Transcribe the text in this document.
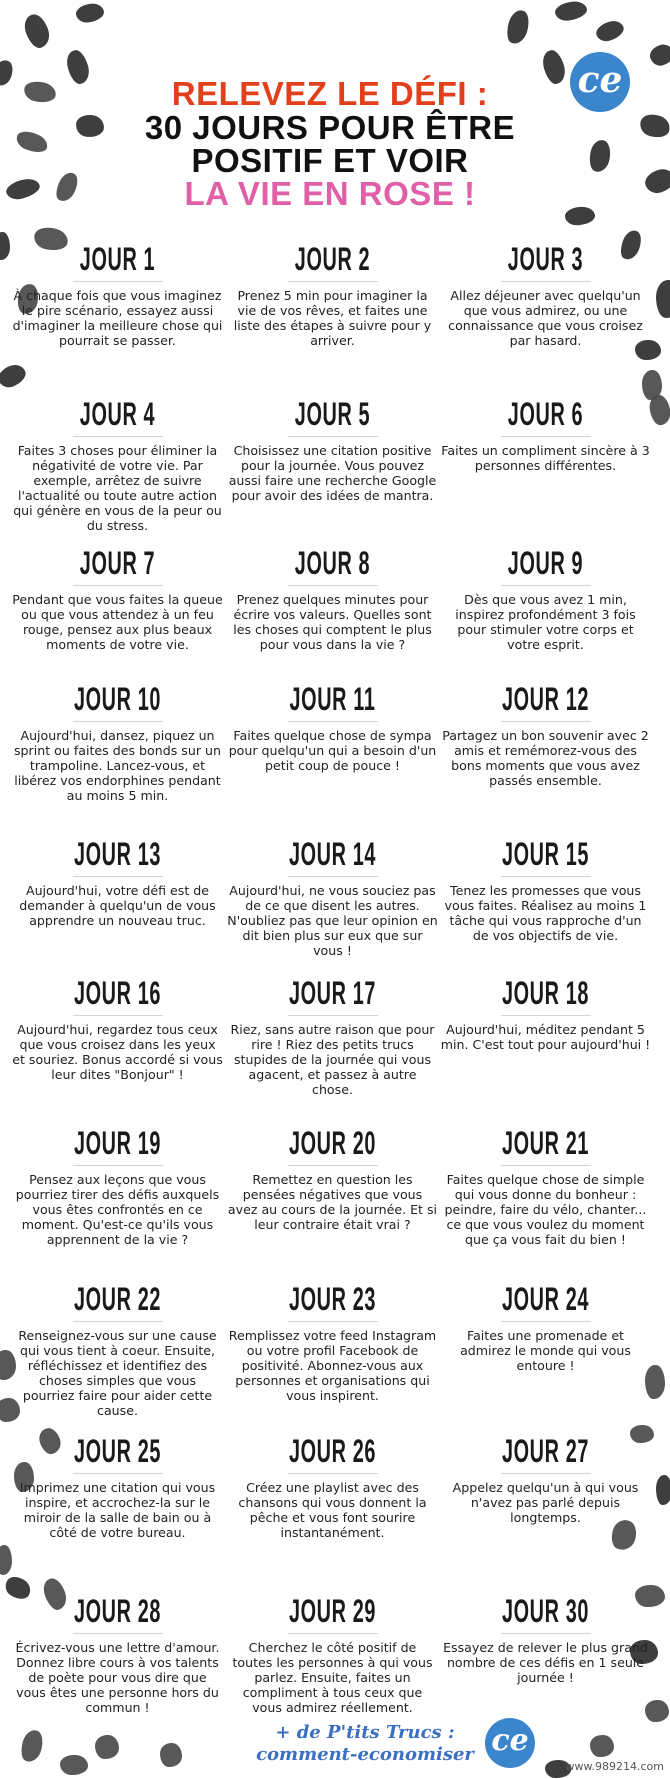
RELEVEZ LE DÉFI :
30 JOURS POUR ÊTRE
POSITIF ET VOIR
LA VIE EN ROSE !
ce
JOUR 1
À chaque fois que vous imaginez le pire scénario, essayez aussi d'imaginer la meilleure chose qui pourrait se passer.
JOUR 2
Prenez 5 min pour imaginer la vie de vos rêves, et faites une liste des étapes à suivre pour y arriver.
JOUR 3
Allez déjeuner avec quelqu'un que vous admirez, ou une connaissance que vous croisez par hasard.
JOUR 4
Faites 3 choses pour éliminer la négativité de votre vie. Par exemple, arrêtez de suivre l'actualité ou toute autre action qui génère en vous de la peur ou du stress.
JOUR 5
Choisissez une citation positive pour la journée. Vous pouvez aussi faire une recherche Google pour avoir des idées de mantra.
JOUR 6
Faites un compliment sincère à 3 personnes différentes.
JOUR 7
Pendant que vous faites la queue ou que vous attendez à un feu rouge, pensez aux plus beaux moments de votre vie.
JOUR 8
Prenez quelques minutes pour écrire vos valeurs. Quelles sont les choses qui comptent le plus pour vous dans la vie ?
JOUR 9
Dès que vous avez 1 min, inspirez profondément 3 fois pour stimuler votre corps et votre esprit.
JOUR 10
Aujourd'hui, dansez, piquez un sprint ou faites des bonds sur un trampoline. Lancez-vous, et libérez vos endorphines pendant au moins 5 min.
JOUR 11
Faites quelque chose de sympa pour quelqu'un qui a besoin d'un petit coup de pouce !
JOUR 12
Partagez un bon souvenir avec 2 amis et remémorez-vous des bons moments que vous avez passés ensemble.
JOUR 13
Aujourd'hui, votre défi est de demander à quelqu'un de vous apprendre un nouveau truc.
JOUR 14
Aujourd'hui, ne vous souciez pas de ce que disent les autres. N'oubliez pas que leur opinion en dit bien plus sur eux que sur vous !
JOUR 15
Tenez les promesses que vous vous faites. Réalisez au moins 1 tâche qui vous rapproche d'un de vos objectifs de vie.
JOUR 16
Aujourd'hui, regardez tous ceux que vous croisez dans les yeux et souriez. Bonus accordé si vous leur dites "Bonjour" !
JOUR 17
Riez, sans autre raison que pour rire ! Riez des petits trucs stupides de la journée qui vous agacent, et passez à autre chose.
JOUR 18
Aujourd'hui, méditez pendant 5 min. C'est tout pour aujourd'hui !
JOUR 19
Pensez aux leçons que vous pourriez tirer des défis auxquels vous êtes confrontés en ce moment. Qu'est-ce qu'ils vous apprennent de la vie ?
JOUR 20
Remettez en question les pensées négatives que vous avez au cours de la journée. Et si leur contraire était vrai ?
JOUR 21
Faites quelque chose de simple qui vous donne du bonheur : peindre, faire du vélo, chanter... ce que vous voulez du moment que ça vous fait du bien !
JOUR 22
Renseignez-vous sur une cause qui vous tient à coeur. Ensuite, réfléchissez et identifiez des choses simples que vous pourriez faire pour aider cette cause.
JOUR 23
Remplissez votre feed Instagram ou votre profil Facebook de positivité. Abonnez-vous aux personnes et organisations qui vous inspirent.
JOUR 24
Faites une promenade et admirez le monde qui vous entoure !
JOUR 25
Imprimez une citation qui vous inspire, et accrochez-la sur le miroir de la salle de bain ou à côté de votre bureau.
JOUR 26
Créez une playlist avec des chansons qui vous donnent la pêche et vous font sourire instantanément.
JOUR 27
Appelez quelqu'un à qui vous n'avez pas parlé depuis longtemps.
JOUR 28
Écrivez-vous une lettre d'amour. Donnez libre cours à vos talents de poète pour vous dire que vous êtes une personne hors du commun !
JOUR 29
Cherchez le côté positif de toutes les personnes à qui vous parlez. Ensuite, faites un compliment à tous ceux que vous admirez réellement.
JOUR 30
Essayez de relever le plus grand nombre de ces défis en 1 seule journée !
+ de P'tits Trucs :
comment-economiser ce
www.989214.com
